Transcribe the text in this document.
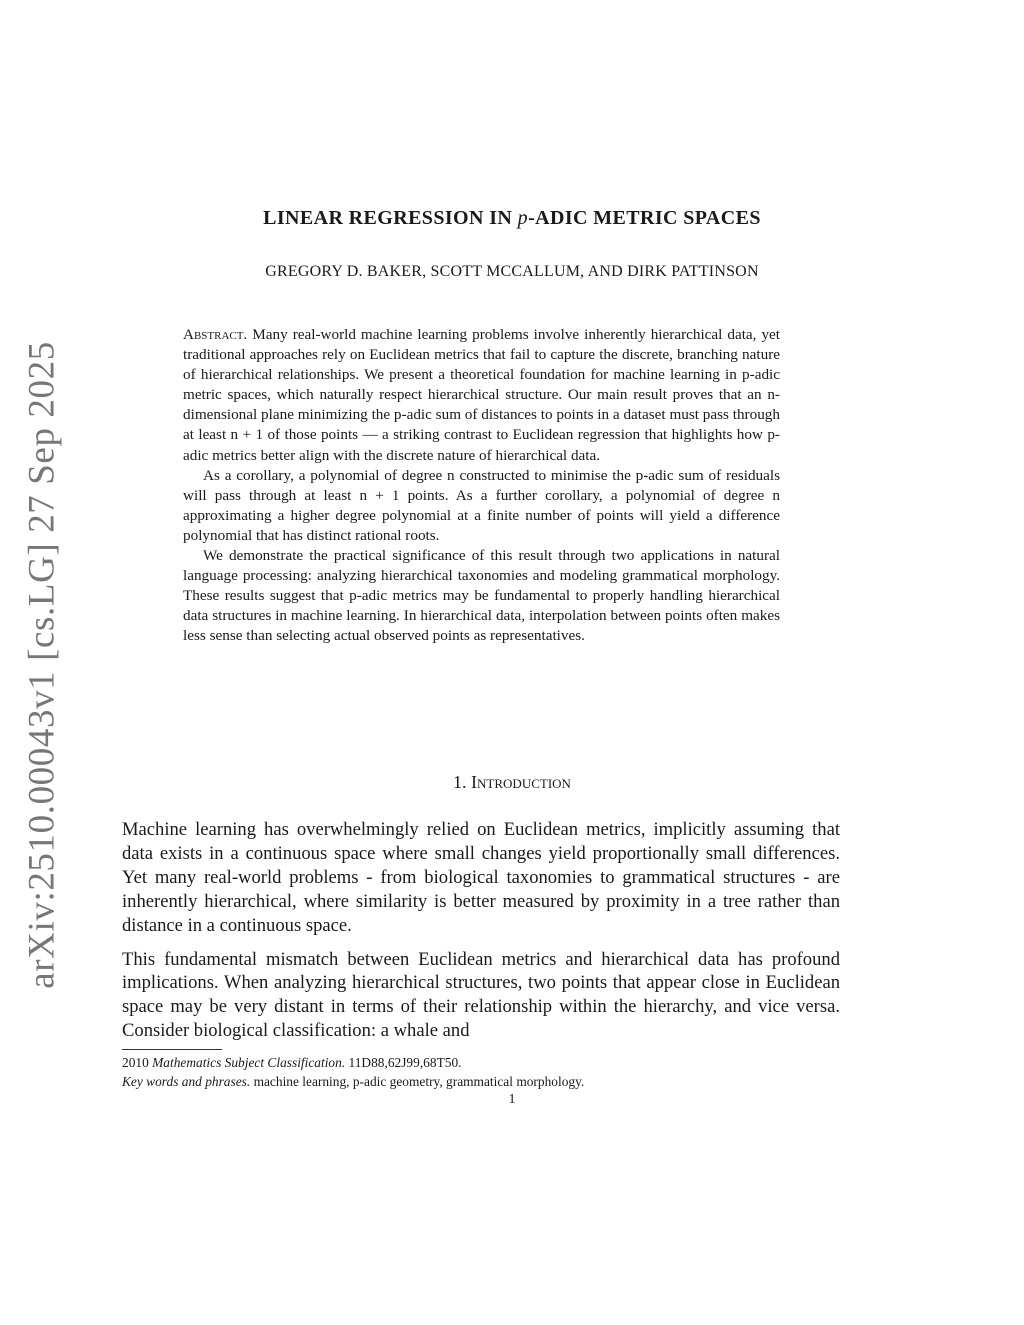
arXiv:2510.00043v1 [cs.LG] 27 Sep 2025
LINEAR REGRESSION IN p-ADIC METRIC SPACES
GREGORY D. BAKER, SCOTT MCCALLUM, AND DIRK PATTINSON

Abstract. Many real-world machine learning problems involve inherently hierarchical data, yet traditional approaches rely on Euclidean metrics that fail to capture the discrete, branching nature of hierarchical relationships. We present a theoretical foundation for machine learning in p-adic metric spaces, which naturally respect hierarchical structure. Our main result proves that an n-dimensional plane minimizing the p-adic sum of distances to points in a dataset must pass through at least n + 1 of those points — a striking contrast to Euclidean regression that highlights how p-adic metrics better align with the discrete nature of hierarchical data.

As a corollary, a polynomial of degree n constructed to minimise the p-adic sum of residuals will pass through at least n + 1 points. As a further corollary, a polynomial of degree n approximating a higher degree polynomial at a finite number of points will yield a difference polynomial that has distinct rational roots.

We demonstrate the practical significance of this result through two applications in natural language processing: analyzing hierarchical taxonomies and modeling grammatical morphology. These results suggest that p-adic metrics may be fundamental to properly handling hierarchical data structures in machine learning. In hierarchical data, interpolation between points often makes less sense than selecting actual observed points as representatives.

1. Introduction

Machine learning has overwhelmingly relied on Euclidean metrics, implicitly assuming that data exists in a continuous space where small changes yield proportionally small differences. Yet many real-world problems - from biological taxonomies to grammatical structures - are inherently hierarchical, where similarity is better measured by proximity in a tree rather than distance in a continuous space.

This fundamental mismatch between Euclidean metrics and hierarchical data has profound implications. When analyzing hierarchical structures, two points that appear close in Euclidean space may be very distant in terms of their relationship within the hierarchy, and vice versa. Consider biological classification: a whale and

2010 Mathematics Subject Classification. 11D88,62J99,68T50.
Key words and phrases. machine learning, p-adic geometry, grammatical morphology.
1
